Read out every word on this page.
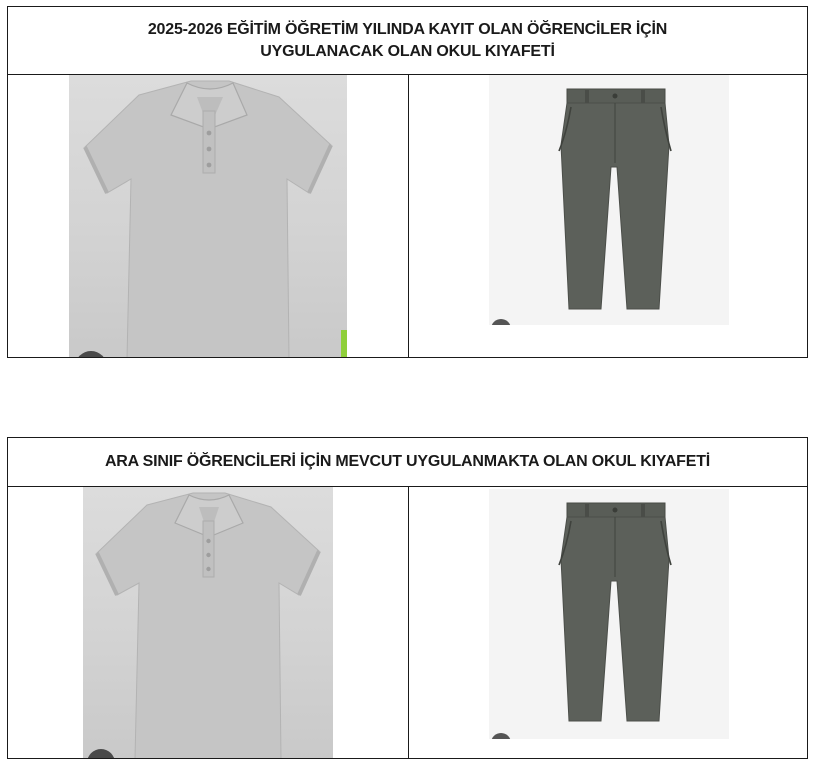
2025-2026 EĞİTİM ÖĞRETİM YILINDA KAYIT OLAN ÖĞRENCİLER İÇİN
UYGULANACAK OLAN OKUL KIYAFETİ
ARA SINIF ÖĞRENCİLERİ İÇİN MEVCUT UYGULANMAKTA OLAN OKUL KIYAFETİ
